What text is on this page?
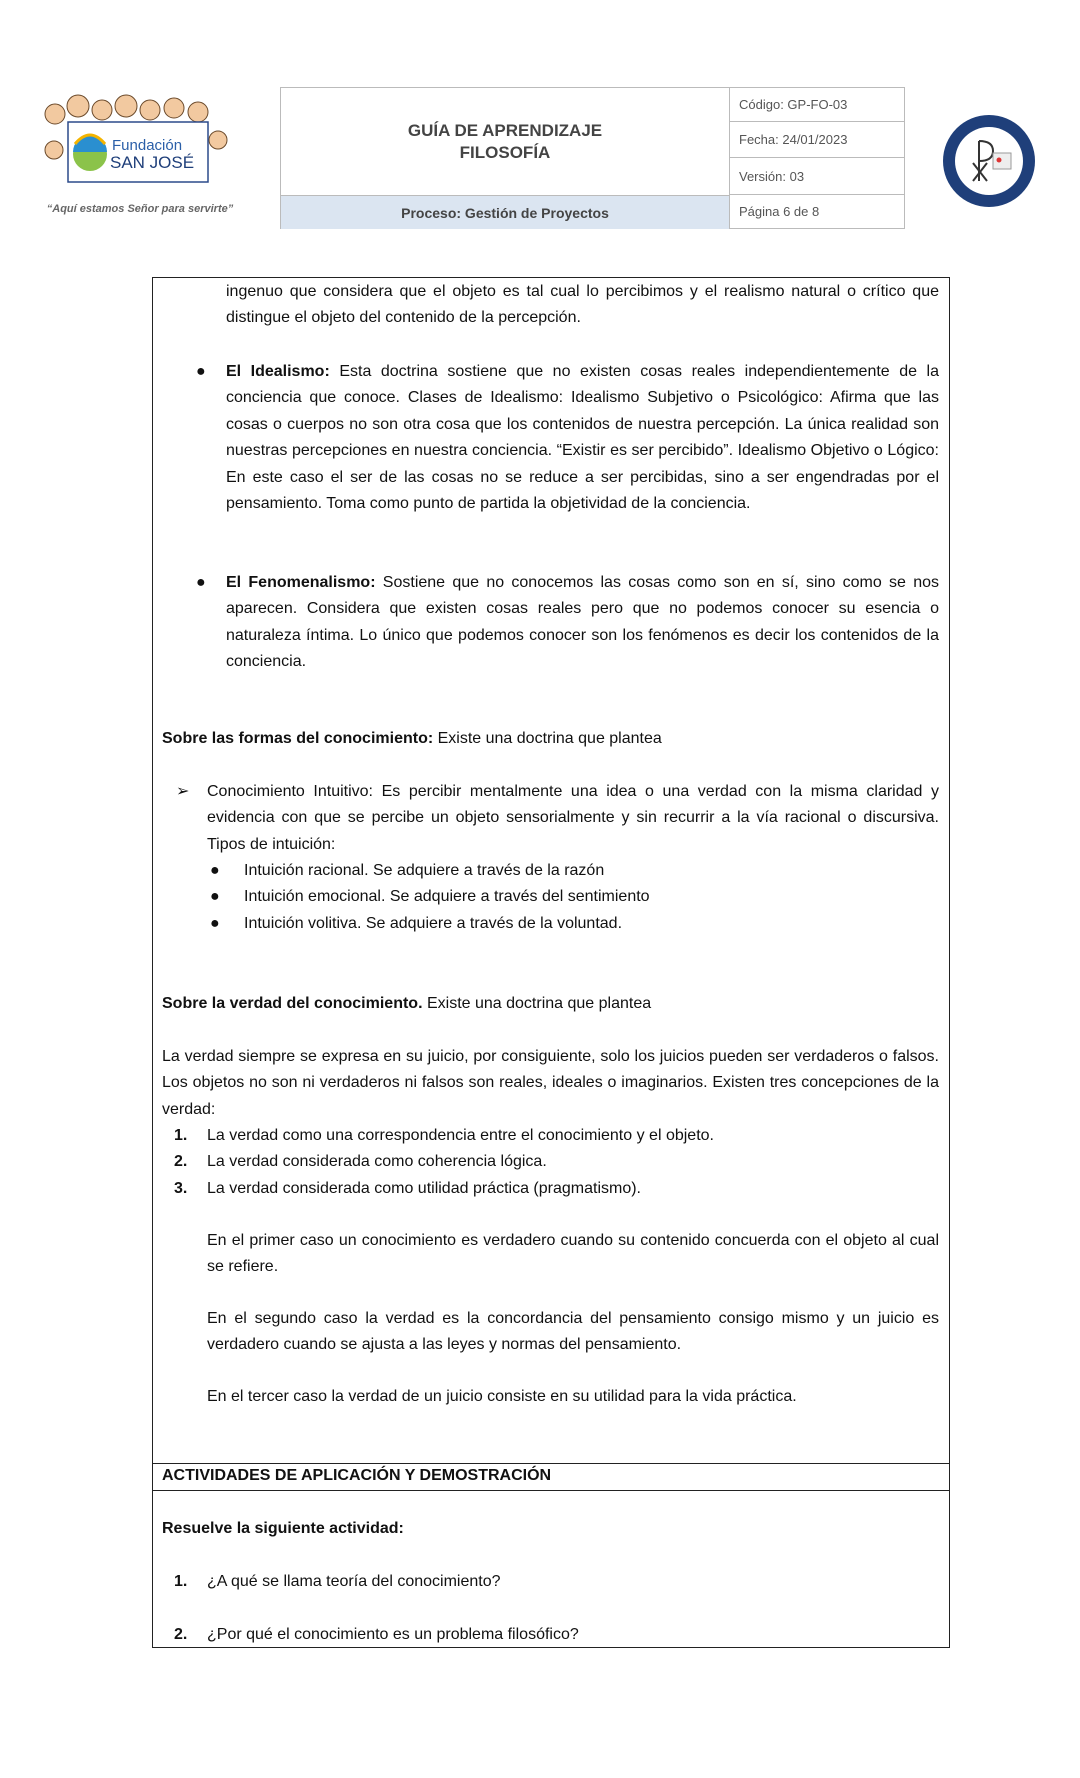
Fundación
SAN JOSÉ
“Aquí estamos Señor para servirte”
GUÍA DE APRENDIZAJE
FILOSOFÍA
Proceso: Gestión de Proyectos
Código: GP-FO-03
Fecha: 24/01/2023
Versión: 03
Página 6 de 8
ingenuo que considera que el objeto es tal cual lo percibimos y el realismo natural o crítico que distingue el objeto del contenido de la percepción.
● El Idealismo: Esta doctrina sostiene que no existen cosas reales independientemente de la conciencia que conoce. Clases de Idealismo: Idealismo Subjetivo o Psicológico: Afirma que las cosas o cuerpos no son otra cosa que los contenidos de nuestra percepción. La única realidad son nuestras percepciones en nuestra conciencia. “Existir es ser percibido”. Idealismo Objetivo o Lógico: En este caso el ser de las cosas no se reduce a ser percibidas, sino a ser engendradas por el pensamiento. Toma como punto de partida la objetividad de la conciencia.
● El Fenomenalismo: Sostiene que no conocemos las cosas como son en sí, sino como se nos aparecen. Considera que existen cosas reales pero que no podemos conocer su esencia o naturaleza íntima. Lo único que podemos conocer son los fenómenos es decir los contenidos de la conciencia.
Sobre las formas del conocimiento: Existe una doctrina que plantea
➢ Conocimiento Intuitivo: Es percibir mentalmente una idea o una verdad con la misma claridad y evidencia con que se percibe un objeto sensorialmente y sin recurrir a la vía racional o discursiva. Tipos de intuición:
● Intuición racional. Se adquiere a través de la razón
● Intuición emocional. Se adquiere a través del sentimiento
● Intuición volitiva. Se adquiere a través de la voluntad.
Sobre la verdad del conocimiento. Existe una doctrina que plantea
La verdad siempre se expresa en su juicio, por consiguiente, solo los juicios pueden ser verdaderos o falsos. Los objetos no son ni verdaderos ni falsos son reales, ideales o imaginarios. Existen tres concepciones de la verdad:
1. La verdad como una correspondencia entre el conocimiento y el objeto.
2. La verdad considerada como coherencia lógica.
3. La verdad considerada como utilidad práctica (pragmatismo).
En el primer caso un conocimiento es verdadero cuando su contenido concuerda con el objeto al cual se refiere.
En el segundo caso la verdad es la concordancia del pensamiento consigo mismo y un juicio es verdadero cuando se ajusta a las leyes y normas del pensamiento.
En el tercer caso la verdad de un juicio consiste en su utilidad para la vida práctica.
ACTIVIDADES DE APLICACIÓN Y DEMOSTRACIÓN
Resuelve la siguiente actividad:
1. ¿A qué se llama teoría del conocimiento?
2. ¿Por qué el conocimiento es un problema filosófico?
